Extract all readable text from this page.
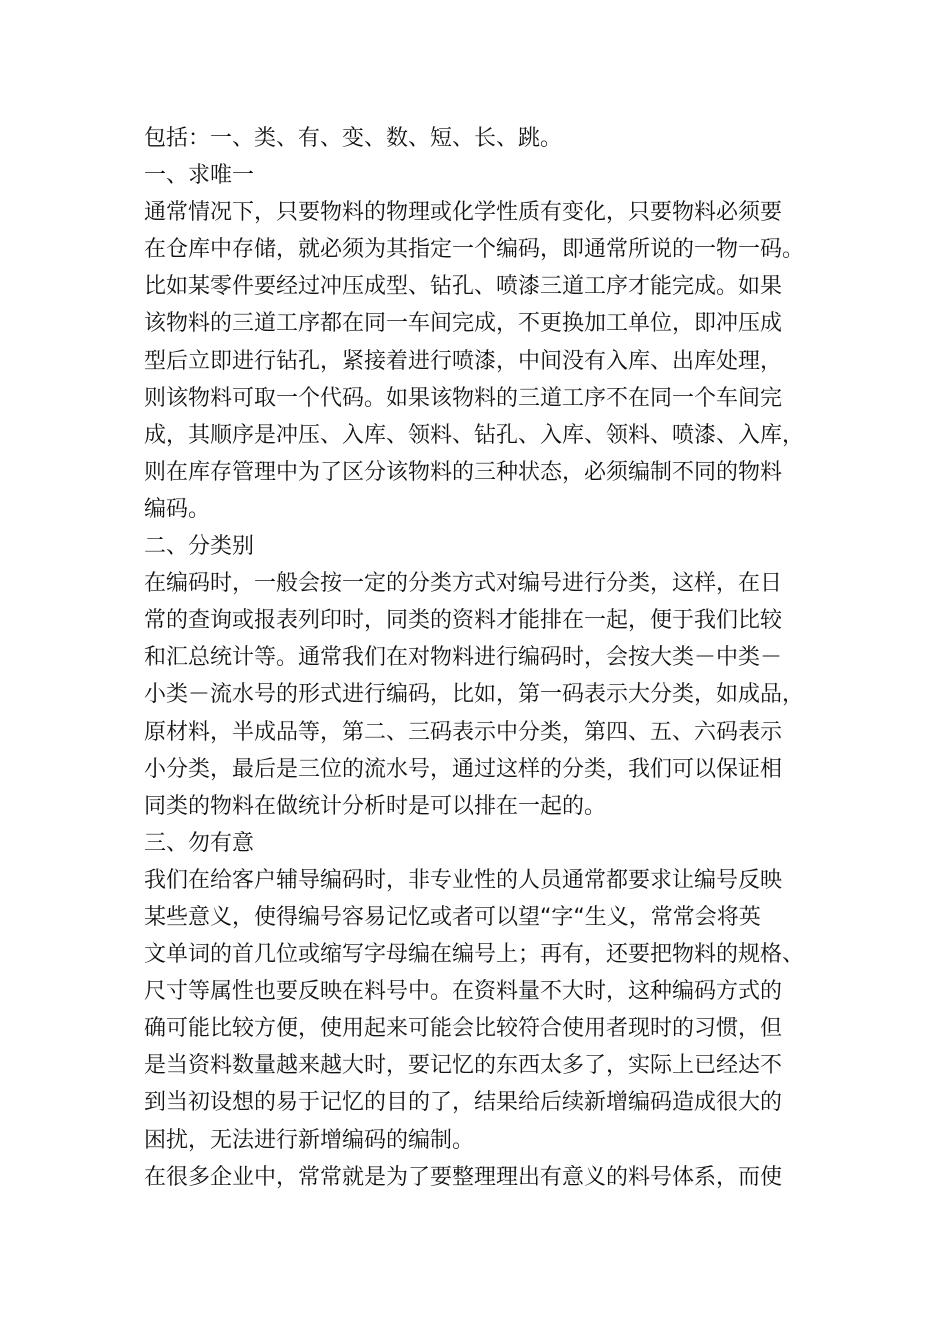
包括：一、类、有、变、数、短、长、跳。
一、求唯一
通常情况下，只要物料的物理或化学性质有变化，只要物料必须要
在仓库中存储，就必须为其指定一个编码，即通常所说的一物一码。
比如某零件要经过冲压成型、钻孔、喷漆三道工序才能完成。如果
该物料的三道工序都在同一车间完成，不更换加工单位，即冲压成
型后立即进行钻孔，紧接着进行喷漆，中间没有入库、出库处理，
则该物料可取一个代码。如果该物料的三道工序不在同一个车间完
成，其顺序是冲压、入库、领料、钻孔、入库、领料、喷漆、入库，
则在库存管理中为了区分该物料的三种状态，必须编制不同的物料
编码。
二、分类别
在编码时，一般会按一定的分类方式对编号进行分类，这样，在日
常的查询或报表列印时，同类的资料才能排在一起，便于我们比较
和汇总统计等。通常我们在对物料进行编码时，会按大类－中类－
小类－流水号的形式进行编码，比如，第一码表示大分类，如成品，
原材料，半成品等，第二、三码表示中分类，第四、五、六码表示
小分类，最后是三位的流水号，通过这样的分类，我们可以保证相
同类的物料在做统计分析时是可以排在一起的。
三、勿有意
我们在给客户辅导编码时，非专业性的人员通常都要求让编号反映
某些意义，使得编号容易记忆或者可以望“字“生义，常常会将英
文单词的首几位或缩写字母编在编号上；再有，还要把物料的规格、
尺寸等属性也要反映在料号中。在资料量不大时，这种编码方式的
确可能比较方便，使用起来可能会比较符合使用者现时的习惯，但
是当资料数量越来越大时，要记忆的东西太多了，实际上已经达不
到当初设想的易于记忆的目的了，结果给后续新增编码造成很大的
困扰，无法进行新增编码的编制。
在很多企业中，常常就是为了要整理理出有意义的料号体系，而使
